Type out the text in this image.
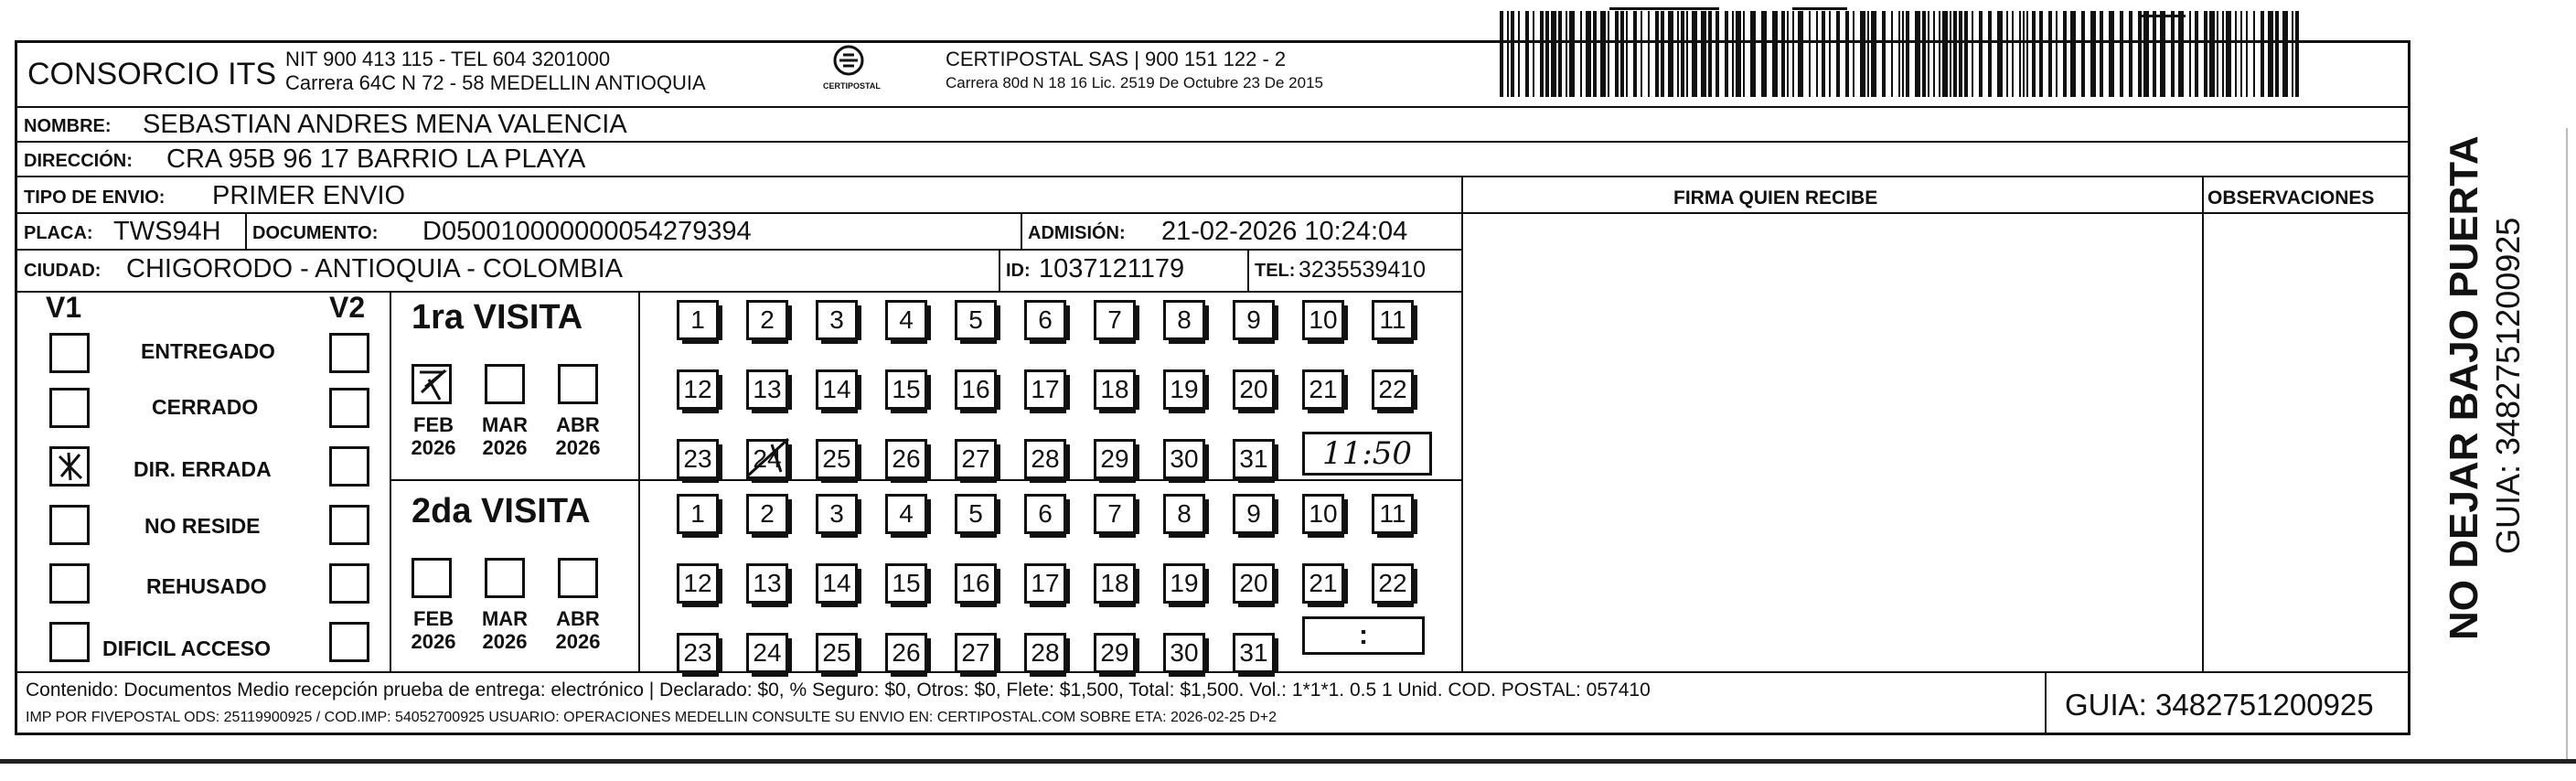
CONSORCIO ITS NIT 900 413 115 - TEL 604 3201000
Carrera 64C N 72 - 58 MEDELLIN ANTIOQUIA	CERTIPOSTAL
CERTIPOSTAL SAS | 900 151 122 - 2
Carrera 80d N 18 16 Lic. 2519 De Octubre 23 De 2015
NOMBRE: SEBASTIAN ANDRES MENA VALENCIA
DIRECCIÓN: CRA 95B 96 17 BARRIO LA PLAYA
TIPO DE ENVIO: PRIMER ENVIO
PLACA: TWS94H DOCUMENTO: D050010000000054279394	ADMISIÓN: 21-02-2026 10:24:04
CIUDAD: CHIGORODO - ANTIOQUIA - COLOMBIA	ID: 1037121179	TEL: 3235539410
FIRMA QUIEN RECIBE	OBSERVACIONES
V1	V2
ENTREGADO
CERRADO
DIR. ERRADA
NO RESIDE
REHUSADO
DIFICIL ACCESO
1ra VISITA
FEB
2026
MAR
2026
ABR
2026
1	2	3	4	5	6	7	8	9	10	11
12 13 14 15 16 17 18 19 20 21 22
23 24 25 26 27 28 29 30 31	11:50
2da VISITA
FEB
2026
MAR
2026
ABR
2026
1	2	3	4	5	6	7	8	9	10	11
12 13 14 15 16 17 18 19 20 21 22
23 24 25 26 27 28 29 30 31
:
Contenido: Documentos Medio recepción prueba de entrega: electrónico | Declarado: $0, % Seguro: $0, Otros: $0, Flete: $1,500, Total: $1,500. Vol.: 1*1*1. 0.5 1 Unid. COD. POSTAL: 057410
IMP POR FIVEPOSTAL ODS: 25119900925 / COD.IMP: 54052700925 USUARIO: OPERACIONES MEDELLIN CONSULTE SU ENVIO EN: CERTIPOSTAL.COM SOBRE ETA: 2026-02-25 D+2	GUIA: 3482751200925
NO DEJAR BAJO PUERTA GUIA: 3482751200925
